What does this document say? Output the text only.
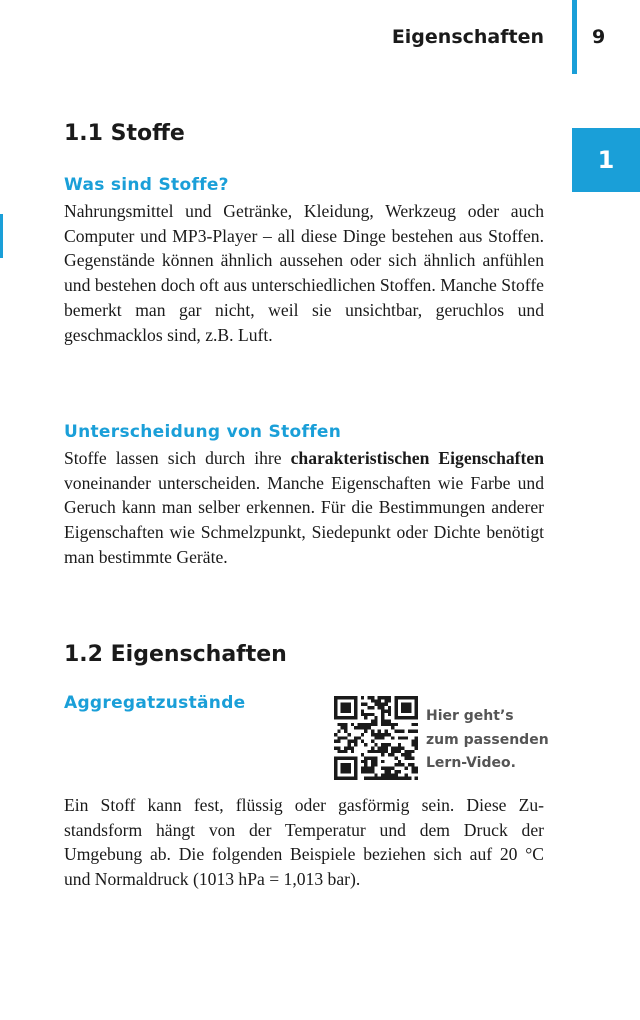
Eigenschaften	9
1
1.1 Stoffe
Was sind Stoffe?
Nahrungsmittel und Getränke, Kleidung, Werkzeug oder auch Computer und MP3-Player – all diese Dinge bestehen aus Stoffen. Gegenstände können ähnlich aussehen oder sich ähnlich anfühlen und bestehen doch oft aus unterschiedlichen Stoffen. Manche Stoffe bemerkt man gar nicht, weil sie unsichtbar, geruchlos und geschmacklos sind, z.B. Luft.
Unterscheidung von Stoffen
Stoffe lassen sich durch ihre charakteristischen Eigenschaften voneinander unterscheiden. Manche Eigenschaften wie Farbe und Geruch kann man selber erkennen. Für die Bestimmungen anderer Eigenschaften wie Schmelzpunkt, Siedepunkt oder Dichte benötigt man bestimmte Geräte.
1.2 Eigenschaften
Aggregatzustände
Hier geht’s
zum passenden
Lern-Video.
Ein Stoff kann fest, flüssig oder gasförmig sein. Diese Zustandsform hängt von der Temperatur und dem Druck der Umgebung ab. Die folgenden Beispiele beziehen sich auf 20 °C und Normaldruck (1013 hPa = 1,013 bar).
